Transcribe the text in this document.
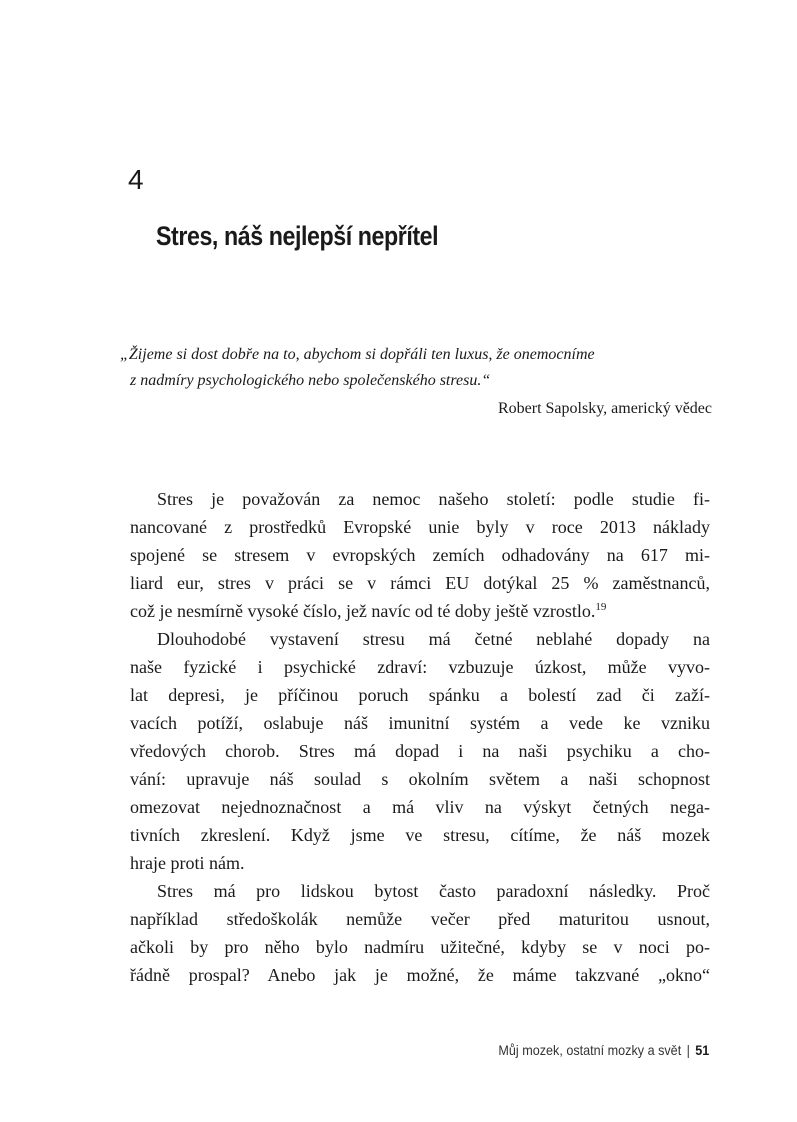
4
Stres, náš nejlepší nepřítel
„Žijeme si dost dobře na to, abychom si dopřáli ten luxus, že onemocníme
z nadmíry psychologického nebo společenského stresu.“
Robert Sapolsky, americký vědec
Stres je považován za nemoc našeho století: podle studie fi-
nancované z prostředků Evropské unie byly v roce 2013 náklady
spojené se stresem v evropských zemích odhadovány na 617 mi-
liard eur, stres v práci se v rámci EU dotýkal 25 % zaměstnanců,
což je nesmírně vysoké číslo, jež navíc od té doby ještě vzrostlo.$^{19}$
Dlouhodobé vystavení stresu má četné neblahé dopady na
naše fyzické i psychické zdraví: vzbuzuje úzkost, může vyvo-
lat depresi, je příčinou poruch spánku a bolestí zad či zaží-
vacích potíží, oslabuje náš imunitní systém a vede ke vzniku
vředových chorob. Stres má dopad i na naši psychiku a cho-
vání: upravuje náš soulad s okolním světem a naši schopnost
omezovat nejednoznačnost a má vliv na výskyt četných nega-
tivních zkreslení. Když jsme ve stresu, cítíme, že náš mozek
hraje proti nám.
Stres má pro lidskou bytost často paradoxní následky. Proč
například středoškolák nemůže večer před maturitou usnout,
ačkoli by pro něho bylo nadmíru užitečné, kdyby se v noci po-
řádně prospal? Anebo jak je možné, že máme takzvané „okno“
Můj mozek, ostatní mozky a svět | 51
